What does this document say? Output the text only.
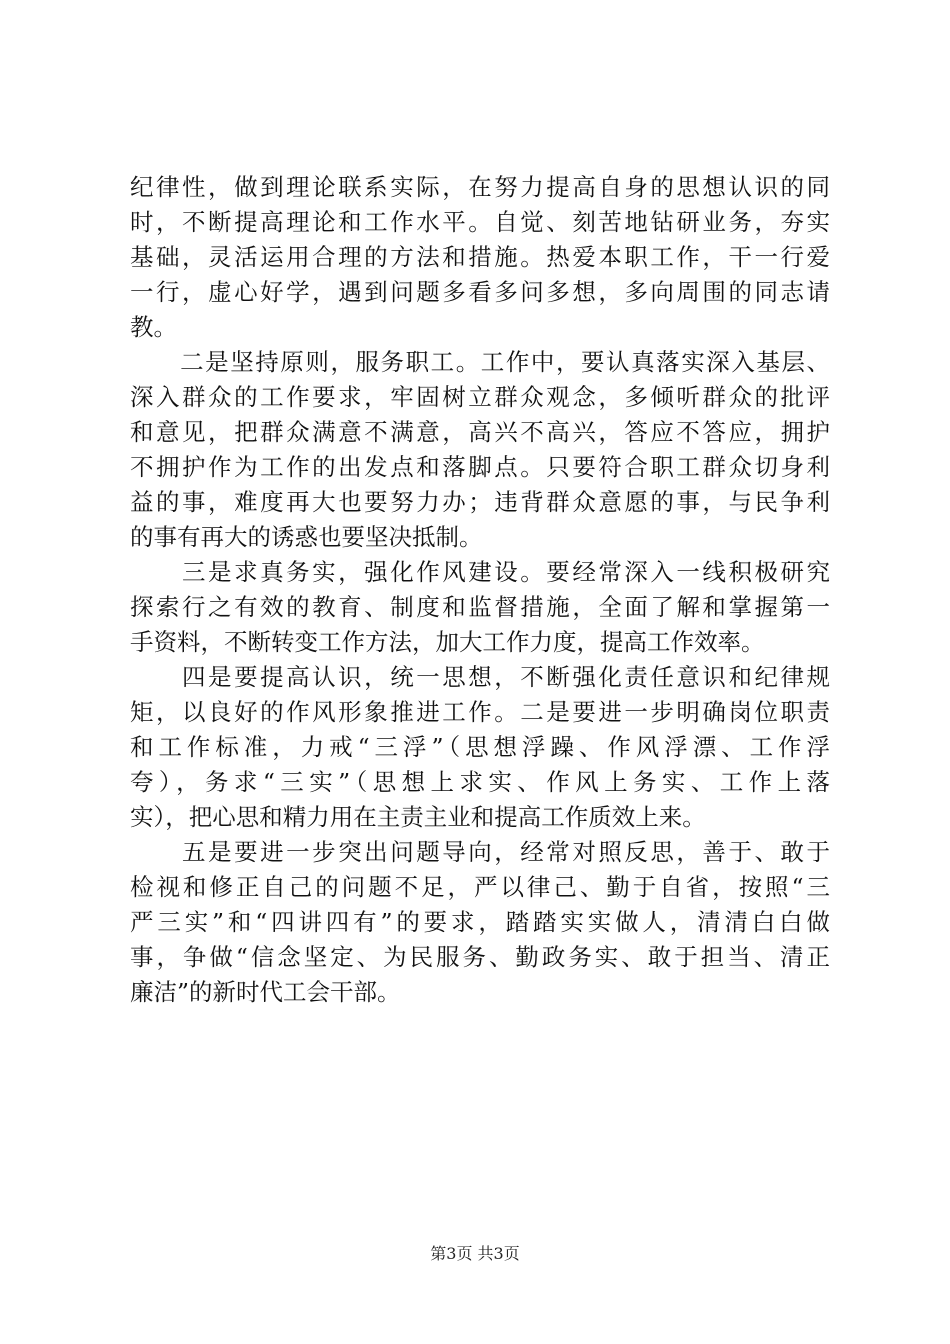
纪律性，做到理论联系实际，在努力提高自身的思想认识的同
时，不断提高理论和工作水平。自觉、刻苦地钻研业务，夯实
基础，灵活运用合理的方法和措施。热爱本职工作，干一行爱
一行，虚心好学，遇到问题多看多问多想，多向周围的同志请
教。
　　二是坚持原则，服务职工。工作中，要认真落实深入基层、
深入群众的工作要求，牢固树立群众观念，多倾听群众的批评
和意见，把群众满意不满意，高兴不高兴，答应不答应，拥护
不拥护作为工作的出发点和落脚点。只要符合职工群众切身利
益的事，难度再大也要努力办；违背群众意愿的事，与民争利
的事有再大的诱惑也要坚决抵制。
　　三是求真务实，强化作风建设。要经常深入一线积极研究
探索行之有效的教育、制度和监督措施，全面了解和掌握第一
手资料，不断转变工作方法，加大工作力度，提高工作效率。
　　四是要提高认识，统一思想，不断强化责任意识和纪律规
矩，以良好的作风形象推进工作。二是要进一步明确岗位职责
和工作标准，力戒“三浮”（思想浮躁、作风浮漂、工作浮
夸），务求“三实”（思想上求实、作风上务实、工作上落
实），把心思和精力用在主责主业和提高工作质效上来。
　　五是要进一步突出问题导向，经常对照反思，善于、敢于
检视和修正自己的问题不足，严以律己、勤于自省，按照“三
严三实”和“四讲四有”的要求，踏踏实实做人，清清白白做
事，争做“信念坚定、为民服务、勤政务实、敢于担当、清正
廉洁”的新时代工会干部。
第3页 共3页
